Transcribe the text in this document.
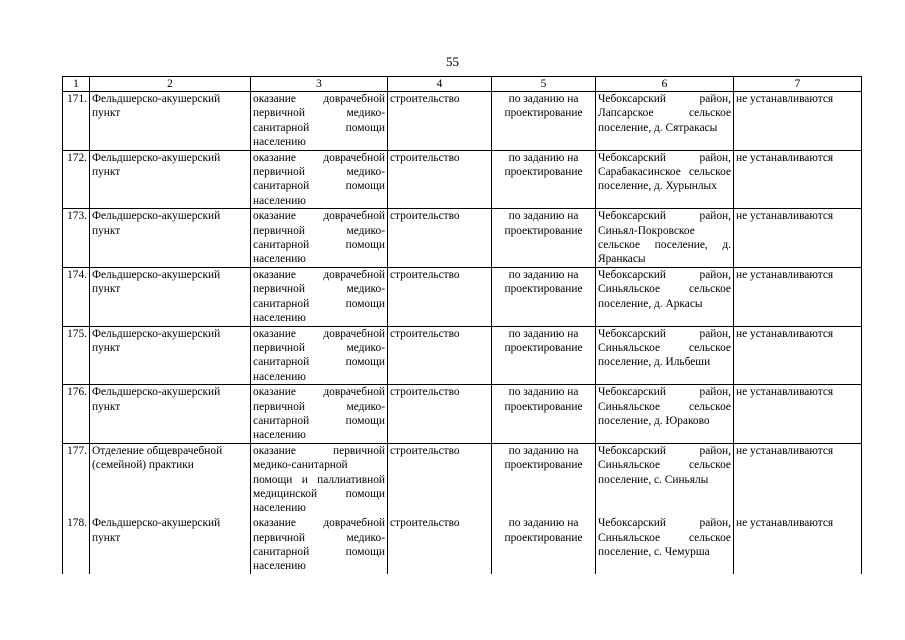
55
1	2	3	4	5	6	7
171.	Фельдшерско-акушерский пункт	оказание доврачебной первичной медико-санитарной помощи населению	строительство	по заданию на проектирование	Чебоксарский район, Лапсарское сельское поселение, д. Сятракасы	не устанавливаются
172.	Фельдшерско-акушерский пункт	оказание доврачебной первичной медико-санитарной помощи населению	строительство	по заданию на проектирование	Чебоксарский район, Сарабакасинское сельское поселение, д. Хурынлых	не устанавливаются
173.	Фельдшерско-акушерский пункт	оказание доврачебной первичной медико-санитарной помощи населению	строительство	по заданию на проектирование	Чебоксарский район, Синьял-Покровское сельское поселение, д. Яранкасы	не устанавливаются
174.	Фельдшерско-акушерский пункт	оказание доврачебной первичной медико-санитарной помощи населению	строительство	по заданию на проектирование	Чебоксарский район, Синьяльское сельское поселение, д. Аркасы	не устанавливаются
175.	Фельдшерско-акушерский пункт	оказание доврачебной первичной медико-санитарной помощи населению	строительство	по заданию на проектирование	Чебоксарский район, Синьяльское сельское поселение, д. Ильбеши	не устанавливаются
176.	Фельдшерско-акушерский пункт	оказание доврачебной первичной медико-санитарной помощи населению	строительство	по заданию на проектирование	Чебоксарский район, Синьяльское сельское поселение, д. Юраково	не устанавливаются
177.	Отделение общеврачебной (семейной) практики	оказание первичной медико-санитарной помощи и паллиативной медицинской помощи населению	строительство	по заданию на проектирование	Чебоксарский район, Синьяльское сельское поселение, с. Синьялы	не устанавливаются
178.	Фельдшерско-акушерский пункт	оказание доврачебной первичной медико-санитарной помощи населению	строительство	по заданию на проектирование	Чебоксарский район, Синьяльское сельское поселение, с. Чемурша	не устанавливаются
